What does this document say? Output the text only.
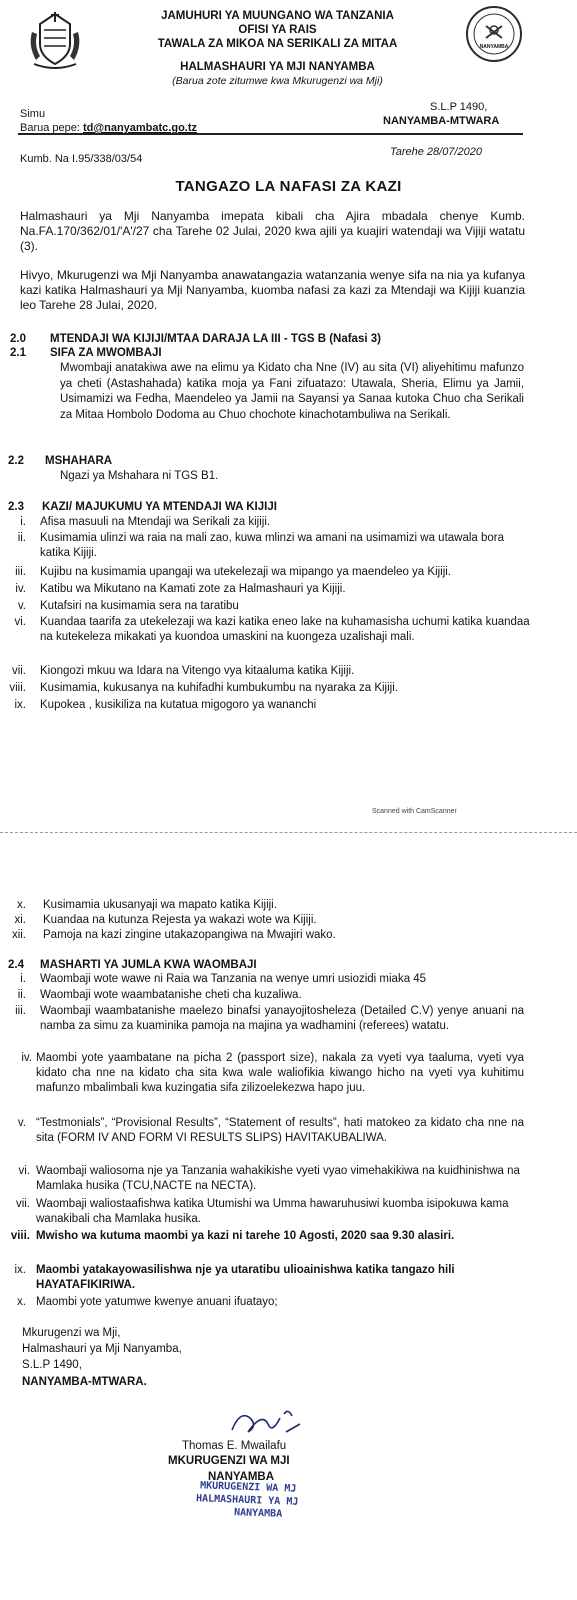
JAMUHURI YA MUUNGANO WA TANZANIA
OFISI YA RAIS
TAWALA ZA MIKOA NA SERIKALI ZA MITAA
HALMASHAURI YA MJI NANYAMBA
(Barua zote zitumwe kwa Mkurugenzi wa Mji)
NANYAMBA
Simu
Barua pepe: td@nanyambatc.go.tz
S.L.P 1490,
NANYAMBA-MTWARA
Kumb. Na I.95/338/03/54
Tarehe 28/07/2020
TANGAZO LA NAFASI ZA KAZI
Halmashauri ya Mji Nanyamba imepata kibali cha Ajira mbadala chenye Kumb. Na.FA.170/362/01/'A'/27 cha Tarehe 02 Julai, 2020 kwa ajili ya kuajiri watendaji wa Vijiji watatu (3).
Hivyo, Mkurugenzi wa Mji Nanyamba anawatangazia watanzania wenye sifa na nia ya kufanya kazi katika Halmashauri ya Mji Nanyamba, kuomba nafasi za kazi za Mtendaji wa Kijiji kuanzia leo Tarehe 28 Julai, 2020.
2.0 MTENDAJI WA KIJIJI/MTAA DARAJA LA III - TGS B (Nafasi 3)
2.1 SIFA ZA MWOMBAJI
Mwombaji anatakiwa awe na elimu ya Kidato cha Nne (IV) au sita (VI) aliyehitimu mafunzo ya cheti (Astashahada) katika moja ya Fani zifuatazo: Utawala, Sheria, Elimu ya Jamii, Usimamizi wa Fedha, Maendeleo ya Jamii na Sayansi ya Sanaa kutoka Chuo cha Serikali za Mitaa Hombolo Dodoma au Chuo chochote kinachotambuliwa na Serikali.
2.2 MSHAHARA
Ngazi ya Mshahara ni TGS B1.
2.3 KAZI/ MAJUKUMU YA MTENDAJI WA KIJIJI
i. Afisa masuuli na Mtendaji wa Serikali za kijiji.
ii. Kusimamia ulinzi wa raia na mali zao, kuwa mlinzi wa amani na usimamizi wa utawala bora katika Kijiji.
iii. Kujibu na kusimamia upangaji wa utekelezaji wa mipango ya maendeleo ya Kijiji.
iv. Katibu wa Mikutano na Kamati zote za Halmashauri ya Kijiji.
v. Kutafsiri na kusimamia sera na taratibu
vi. Kuandaa taarifa za utekelezaji wa kazi katika eneo lake na kuhamasisha uchumi katika kuandaa na kutekeleza mikakati ya kuondoa umaskini na kuongeza uzalishaji mali.
vii. Kiongozi mkuu wa Idara na Vitengo vya kitaaluma katika Kijiji.
viii. Kusimamia, kukusanya na kuhifadhi kumbukumbu na nyaraka za Kijiji.
ix. Kupokea , kusikiliza na kutatua migogoro ya wananchi
Scanned with CamScanner
x. Kusimamia ukusanyaji wa mapato katika Kijiji.
xi. Kuandaa na kutunza Rejesta ya wakazi wote wa Kijiji.
xii. Pamoja na kazi zingine utakazopangiwa na Mwajiri wako.
2.4 MASHARTI YA JUMLA KWA WAOMBAJI
i. Waombaji wote wawe ni Raia wa Tanzania na wenye umri usiozidi miaka 45
ii. Waombaji wote waambatanishe cheti cha kuzaliwa.
iii. Waombaji waambatanishe maelezo binafsi yanayojitosheleza (Detailed C.V) yenye anuani na namba za simu za kuaminika pamoja na majina ya wadhamini (referees) watatu.
iv. Maombi yote yaambatane na picha 2 (passport size), nakala za vyeti vya taaluma, vyeti vya kidato cha nne na kidato cha sita kwa wale waliofikia kiwango hicho na vyeti vya kuhitimu mafunzo mbalimbali kwa kuzingatia sifa zilizoelekezwa hapo juu.
v. “Testmonials”, “Provisional Results”, “Statement of results”, hati matokeo za kidato cha nne na sita (FORM IV AND FORM VI RESULTS SLIPS) HAVITAKUBALIWA.
vi. Waombaji waliosoma nje ya Tanzania wahakikishe vyeti vyao vimehakikiwa na kuidhinishwa na Mamlaka husika (TCU,NACTE na NECTA).
vii. Waombaji waliostaafishwa katika Utumishi wa Umma hawaruhusiwi kuomba isipokuwa kama wanakibali cha Mamlaka husika.
viii. Mwisho wa kutuma maombi ya kazi ni tarehe 10 Agosti, 2020 saa 9.30 alasiri.
ix. Maombi yatakayowasilishwa nje ya utaratibu ulioainishwa katika tangazo hili HAYATAFIKIRIWA.
x. Maombi yote yatumwe kwenye anuani ifuatayo;
Mkurugenzi wa Mji,
Halmashauri ya Mji Nanyamba,
S.L.P 1490,
NANYAMBA-MTWARA.
Thomas E. Mwailafu
MKURUGENZI WA MJI
NANYAMBA
MKURUGENZI WA MJ
HALMASHAURI YA MJ
NANYAMBA
